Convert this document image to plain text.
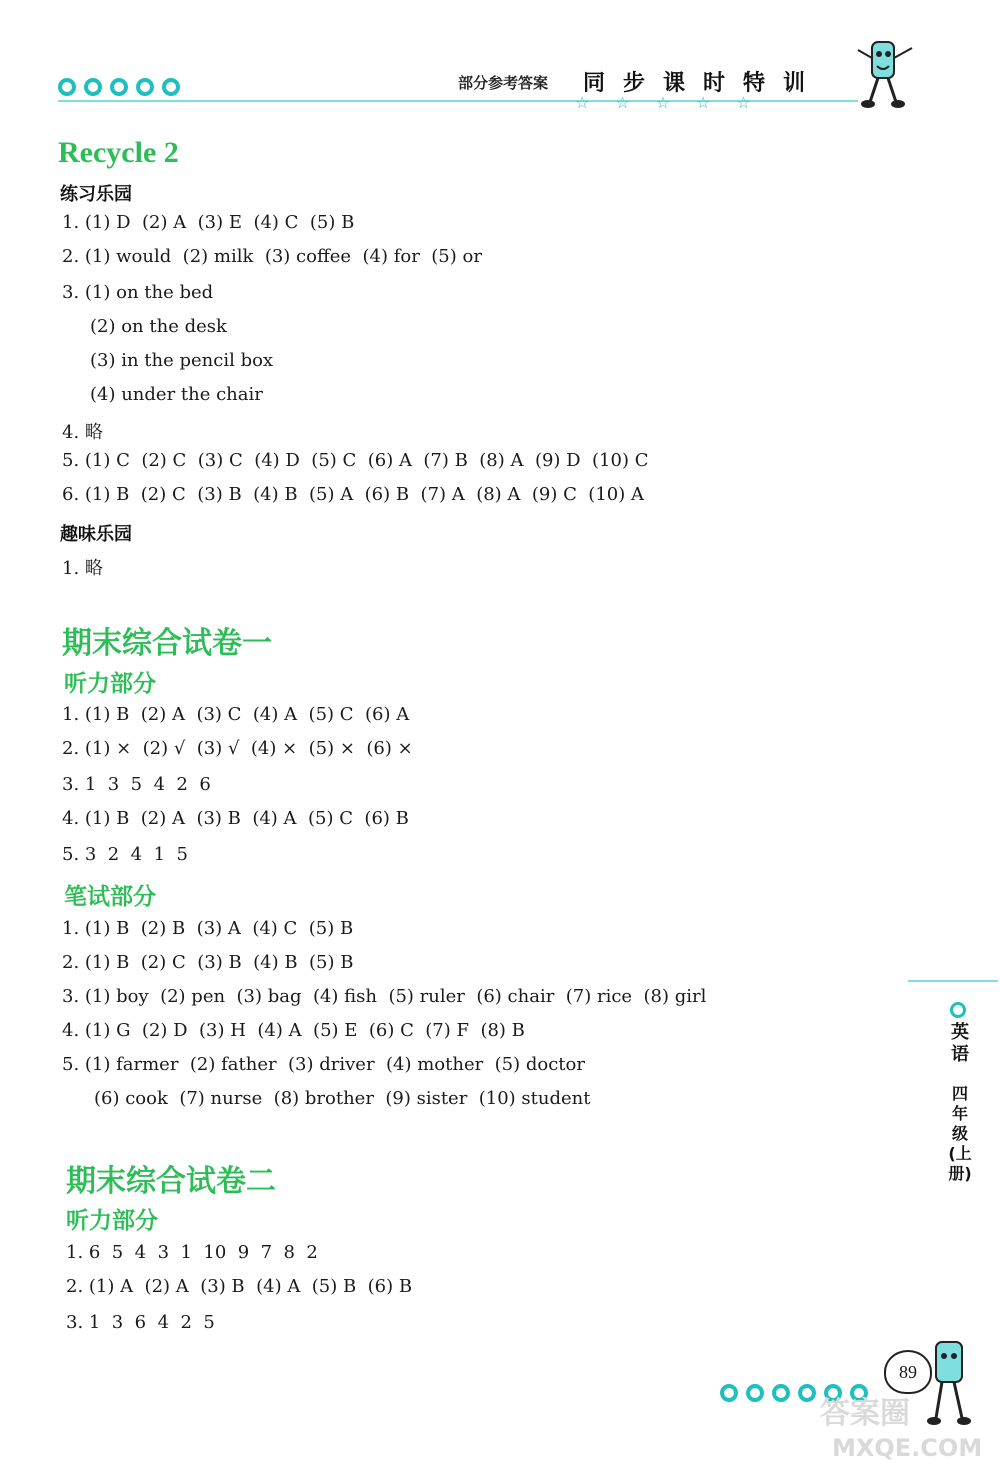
部分参考答案 同步课时特训
☆☆☆☆☆
Recycle 2
练习乐园
1. (1) D  (2) A  (3) E  (4) C  (5) B
2. (1) would  (2) milk  (3) coffee  (4) for  (5) or
3. (1) on the bed
(2) on the desk
(3) in the pencil box
(4) under the chair
4. 略
5. (1) C  (2) C  (3) C  (4) D  (5) C  (6) A  (7) B  (8) A  (9) D  (10) C
6. (1) B  (2) C  (3) B  (4) B  (5) A  (6) B  (7) A  (8) A  (9) C  (10) A
趣味乐园
1. 略
期末综合试卷一
听力部分
1. (1) B  (2) A  (3) C  (4) A  (5) C  (6) A
2. (1) ×  (2) √  (3) √  (4) ×  (5) ×  (6) ×
3. 1  3  5  4  2  6
4. (1) B  (2) A  (3) B  (4) A  (5) C  (6) B
5. 3  2  4  1  5
笔试部分
1. (1) B  (2) B  (3) A  (4) C  (5) B
2. (1) B  (2) C  (3) B  (4) B  (5) B
3. (1) boy  (2) pen  (3) bag  (4) fish  (5) ruler  (6) chair  (7) rice  (8) girl
4. (1) G  (2) D  (3) H  (4) A  (5) E  (6) C  (7) F  (8) B
5. (1) farmer  (2) father  (3) driver  (4) mother  (5) doctor
(6) cook  (7) nurse  (8) brother  (9) sister  (10) student
期末综合试卷二
听力部分
1. 6  5  4  3  1  10  9  7  8  2
2. (1) A  (2) A  (3) B  (4) A  (5) B  (6) B
3. 1  3  6  4  2  5
英语
四年级(上册)
89
答案圈
MXQE.COM
